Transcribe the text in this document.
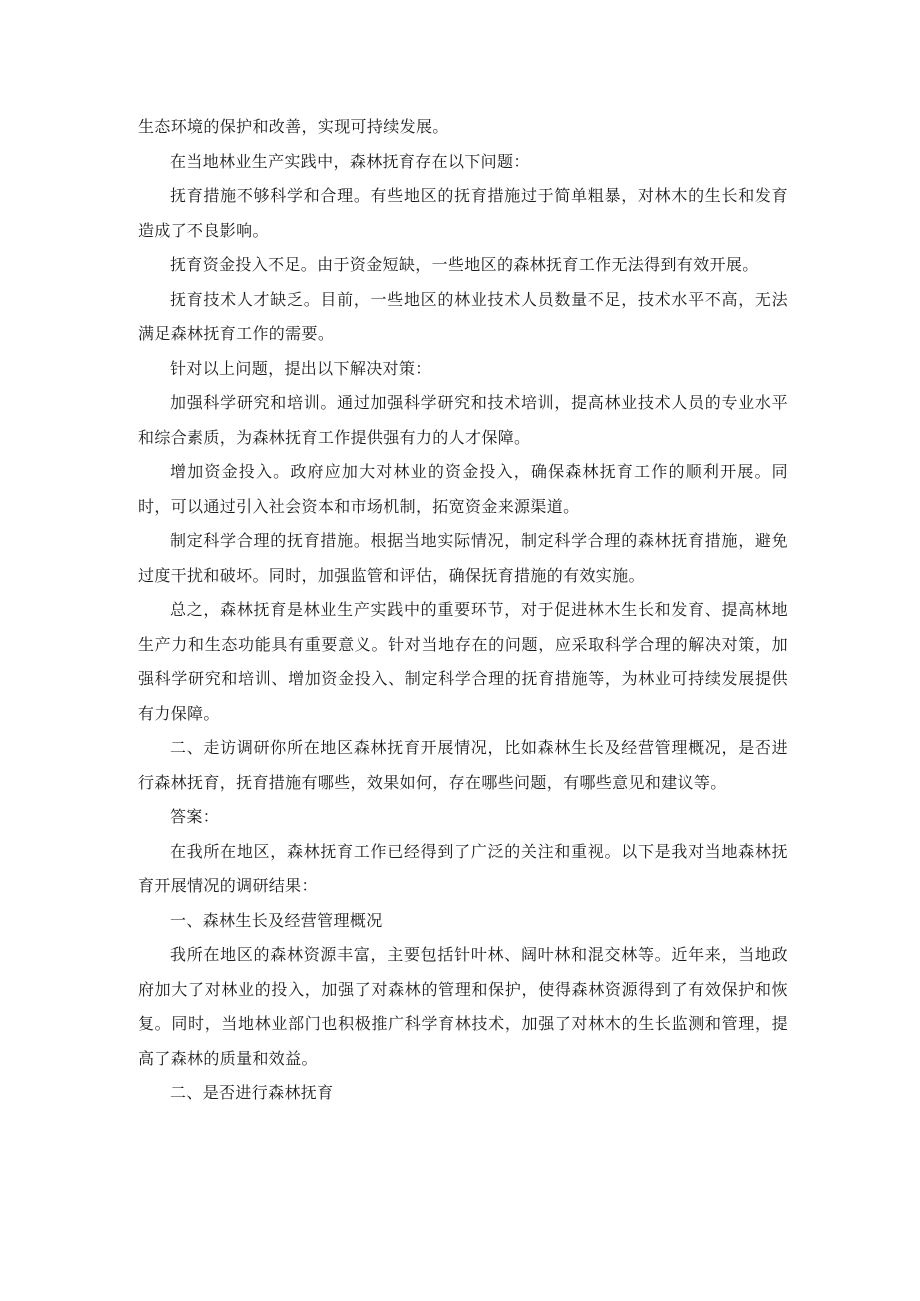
生态环境的保护和改善，实现可持续发展。

在当地林业生产实践中，森林抚育存在以下问题：

抚育措施不够科学和合理。有些地区的抚育措施过于简单粗暴，对林木的生长和发育造成了不良影响。

抚育资金投入不足。由于资金短缺，一些地区的森林抚育工作无法得到有效开展。

抚育技术人才缺乏。目前，一些地区的林业技术人员数量不足，技术水平不高，无法满足森林抚育工作的需要。

针对以上问题，提出以下解决对策：

加强科学研究和培训。通过加强科学研究和技术培训，提高林业技术人员的专业水平和综合素质，为森林抚育工作提供强有力的人才保障。

增加资金投入。政府应加大对林业的资金投入，确保森林抚育工作的顺利开展。同时，可以通过引入社会资本和市场机制，拓宽资金来源渠道。

制定科学合理的抚育措施。根据当地实际情况，制定科学合理的森林抚育措施，避免过度干扰和破坏。同时，加强监管和评估，确保抚育措施的有效实施。

总之，森林抚育是林业生产实践中的重要环节，对于促进林木生长和发育、提高林地生产力和生态功能具有重要意义。针对当地存在的问题，应采取科学合理的解决对策，加强科学研究和培训、增加资金投入、制定科学合理的抚育措施等，为林业可持续发展提供有力保障。

二、走访调研你所在地区森林抚育开展情况，比如森林生长及经营管理概况，是否进行森林抚育，抚育措施有哪些，效果如何，存在哪些问题，有哪些意见和建议等。

答案：

在我所在地区，森林抚育工作已经得到了广泛的关注和重视。以下是我对当地森林抚育开展情况的调研结果：

一、森林生长及经营管理概况

我所在地区的森林资源丰富，主要包括针叶林、阔叶林和混交林等。近年来，当地政府加大了对林业的投入，加强了对森林的管理和保护，使得森林资源得到了有效保护和恢复。同时，当地林业部门也积极推广科学育林技术，加强了对林木的生长监测和管理，提高了森林的质量和效益。

二、是否进行森林抚育
